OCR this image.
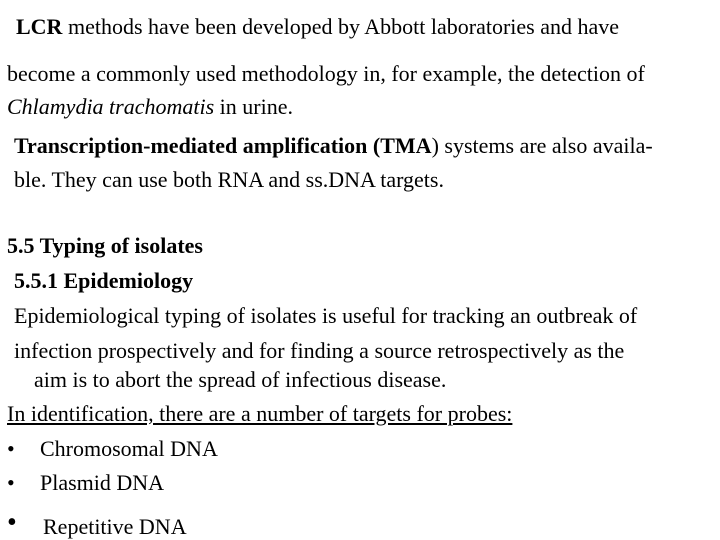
LCR methods have been developed by Abbott laboratories and have
become a commonly used methodology in, for example, the detection of
Chlamydia trachomatis in urine.
Transcription-mediated amplification (TMA) systems are also availa-
ble. They can use both RNA and ss.DNA targets.
5.5 Typing of isolates
5.5.1 Epidemiology
Epidemiological typing of isolates is useful for tracking an outbreak of
infection prospectively and for finding a source retrospectively as the
aim is to abort the spread of infectious disease.
In identification, there are a number of targets for probes:
• Chromosomal DNA
• Plasmid DNA
• Repetitive DNA
